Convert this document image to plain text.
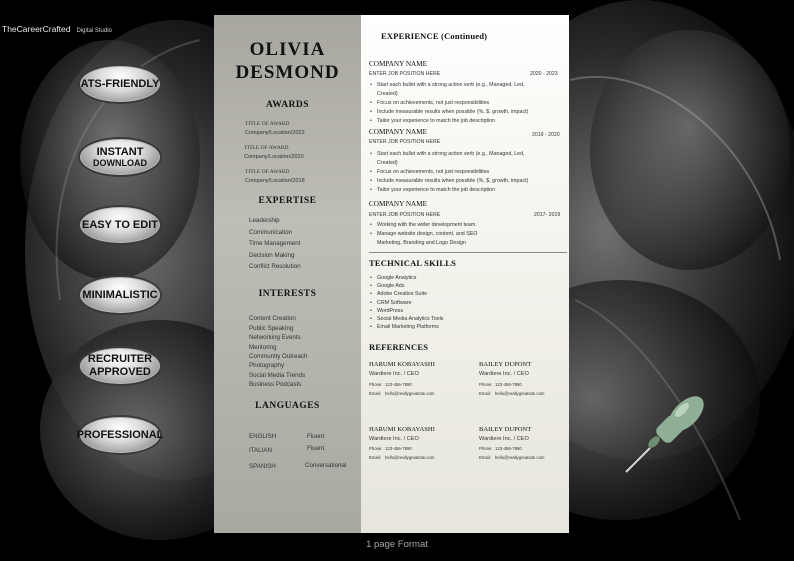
TheCareerCrafted Digital Studio
ATS-FRIENDLY
INSTANT
DOWNLOAD
EASY TO EDIT
MINIMALISTIC
RECRUITER
APPROVED
PROFESSIONAL
OLIVIA
DESMOND
AWARDS
TITLE OF AWARD
Company/Location/2022
TITLE OF AWARD
Company/Location/2020
TITLE OF AWARD
Company/Location/2018
EXPERTISE
Leadership
Communication
Time Management
Decision Making
Conflict Resolution
INTERESTS
Content Creation
Public Speaking
Networking Events
Mentoring
Community Outreach
Photography
Social Media Trends
Business Podcasts
LANGUAGES
ENGLISH	Fluent
ITALIAN	Fluent
SPANISH	Conversational
EXPERIENCE (Continued)
COMPANY NAME
ENTER JOB POSITION HERE	2020 - 2023
• Start each bullet with a strong action verb (e.g., Managed, Led,
Created)
• Focus on achievements, not just responsibilities
• Include measurable results when possible (%, $, growth, impact)
• Tailor your experience to match the job description
COMPANY NAME
ENTER JOB POSITION HERE
2019 - 2020
• Start each bullet with a strong action verb (e.g., Managed, Led,
Created)
• Focus on achievements, not just responsibilities
• Include measurable results when possible (%, $, growth, impact)
• Tailor your experience to match the job description
COMPANY NAME
ENTER JOB POSITION HERE	2017- 2019
• Working with the wider development team.
• Manage website design, content, and SEO
Marketing, Branding and Logo Design
TECHNICAL SKILLS
• Google Analytics
• Google Ads
• Adobe Creative Suite
• CRM Software
• WordPress
• Social Media Analytics Tools
• Email Marketing Platforms
REFERENCES
HARUMI KOBAYASHI
Wardiere Inc. / CEO
Phone: 123-456-7890
Email: hello@reallygreatsite.com
BAILEY DUPONT
Wardiere Inc. / CEO
Phone: 123-456-7890
Email: hello@reallygreatsite.com
HARUMI KOBAYASHI
Wardiere Inc. / CEO
Phone: 123-456-7890
Email: hello@reallygreatsite.com
BAILEY DUPONT
Wardiere Inc. / CEO
Phone: 123-456-7890
Email: hello@reallygreatsite.com
1 page Format
